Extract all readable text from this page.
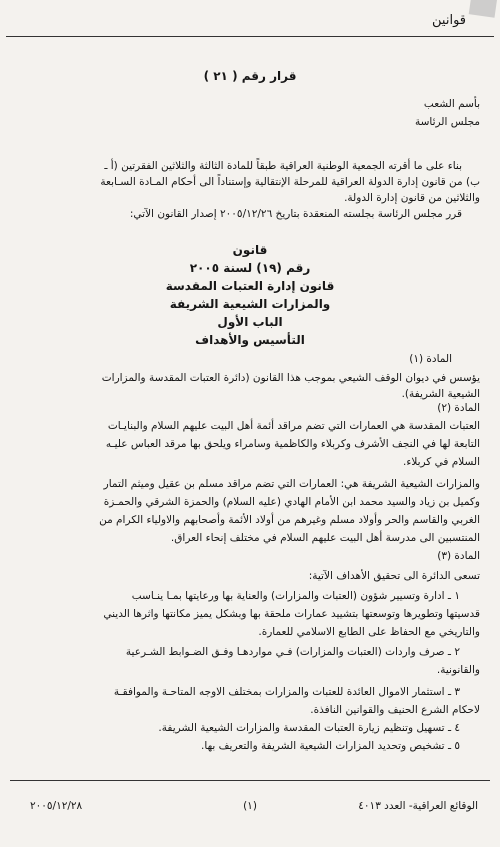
قوانين
قرار رقم ( ٢١ )
بأسم الشعب
مجلس الرئاسة
بناء على ما أقرته الجمعية الوطنية العراقية طبقاً للمادة الثالثة والثلاثين الفقرتين (أ ـ
ب) من قانون إدارة الدولة العراقية للمرحلة الإنتقالية وإستناداً الى أحكام المـادة السـابعة
والثلاثين من قانون إدارة الدولة.
قرر مجلس الرئاسة بجلسته المنعقدة بتاريخ ٢٠٠٥/١٢/٢٦ إصدار القانون الآتي:
قانون
رقم (١٩) لسنة ٢٠٠٥
قانون إدارة العتبات المقدسة
والمزارات الشيعية الشريفة
الباب الأول
التأسيس والأهداف
المادة (١)
يؤسس في ديوان الوقف الشيعي بموجب هذا القانون (دائرة العتبات المقدسة والمزارات
الشيعية الشريفة).
المادة (٢)
العتبات المقدسة هي العمارات التي تضم مراقد أئمة أهل البيت عليهم السلام والبنايـات
التابعة لها في النجف الأشرف وكربلاء والكاظمية وسامراء ويلحق بها مرقد العباس عليـه
السلام في كربلاء.
والمزارات الشيعية الشريفة هي: العمارات التي تضم مراقد مسلم بن عقيل وميثم التمار
وكميل بن زياد والسيد محمد ابن الأمام الهادي (عليه السلام) والحمزة الشرقي والحمـزة
الغربي والقاسم والحر وأولاد مسلم وغيرهم من أولاد الأئمة وأصحابهم والاولياء الكرام من
المنتسبين الى مدرسة أهل البيت عليهم السلام في مختلف إنحاء العراق.
المادة (٣)
تسعى الدائرة الى تحقيق الأهداف الآتية:
١ ـ ادارة وتسيير شؤون (العتبات والمزارات) والعناية بها ورعايتها بمـا ينـاسب
قدسيتها وتطويرها وتوسعتها بتشييد عمارات ملحقة بها وبشكل يميز مكانتها واثرها الديني
والتاريخي مع الحفاظ على الطابع الاسلامي للعمارة.
٢ ـ صرف واردات (العتبات والمزارات) فـي مواردهـا وفـق الضـوابط الشـرعية
والقانونية.
٣ ـ استثمار الاموال العائدة للعتبات والمزارات بمختلف الاوجه المتاحـة والموافقـة
لاحكام الشرع الحنيف والقوانين النافذة.
٤ ـ تسهيل وتنظيم زيارة العتبات المقدسة والمزارات الشيعية الشريفة.
٥ ـ تشخيص وتحديد المزارات الشيعية الشريفة والتعريف بها.
الوقائع العراقية- العدد ٤٠١٣
(١)
٢٠٠٥/١٢/٢٨
